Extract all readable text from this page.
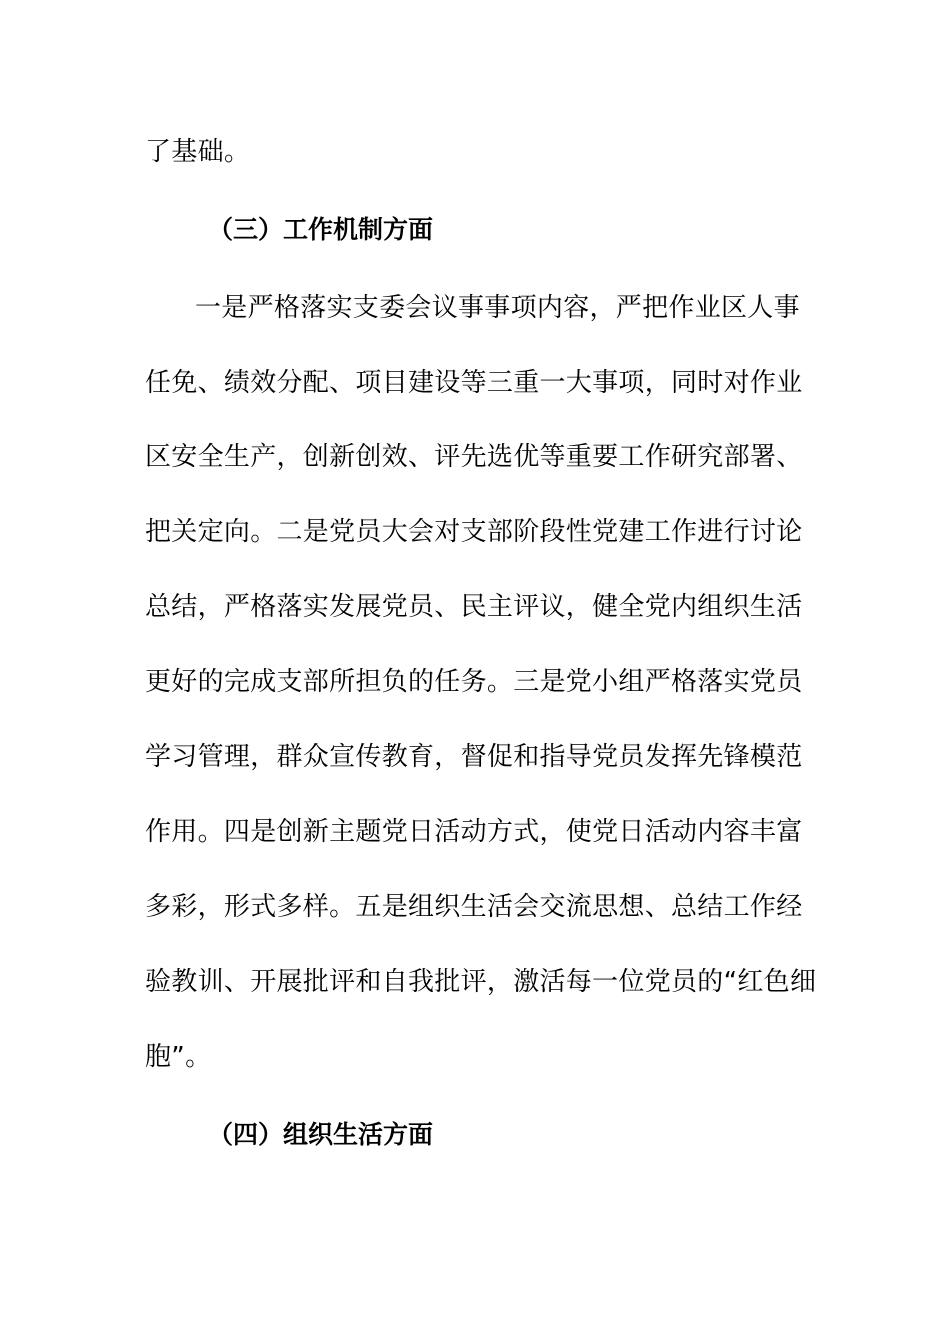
了基础。
（三）工作机制方面
一是严格落实支委会议事事项内容，严把作业区人事
任免、绩效分配、项目建设等三重一大事项，同时对作业
区安全生产，创新创效、评先选优等重要工作研究部署、
把关定向。二是党员大会对支部阶段性党建工作进行讨论
总结，严格落实发展党员、民主评议，健全党内组织生活
更好的完成支部所担负的任务。三是党小组严格落实党员
学习管理，群众宣传教育，督促和指导党员发挥先锋模范
作用。四是创新主题党日活动方式，使党日活动内容丰富
多彩，形式多样。五是组织生活会交流思想、总结工作经
验教训、开展批评和自我批评，激活每一位党员的“红色细
胞”。
（四）组织生活方面
